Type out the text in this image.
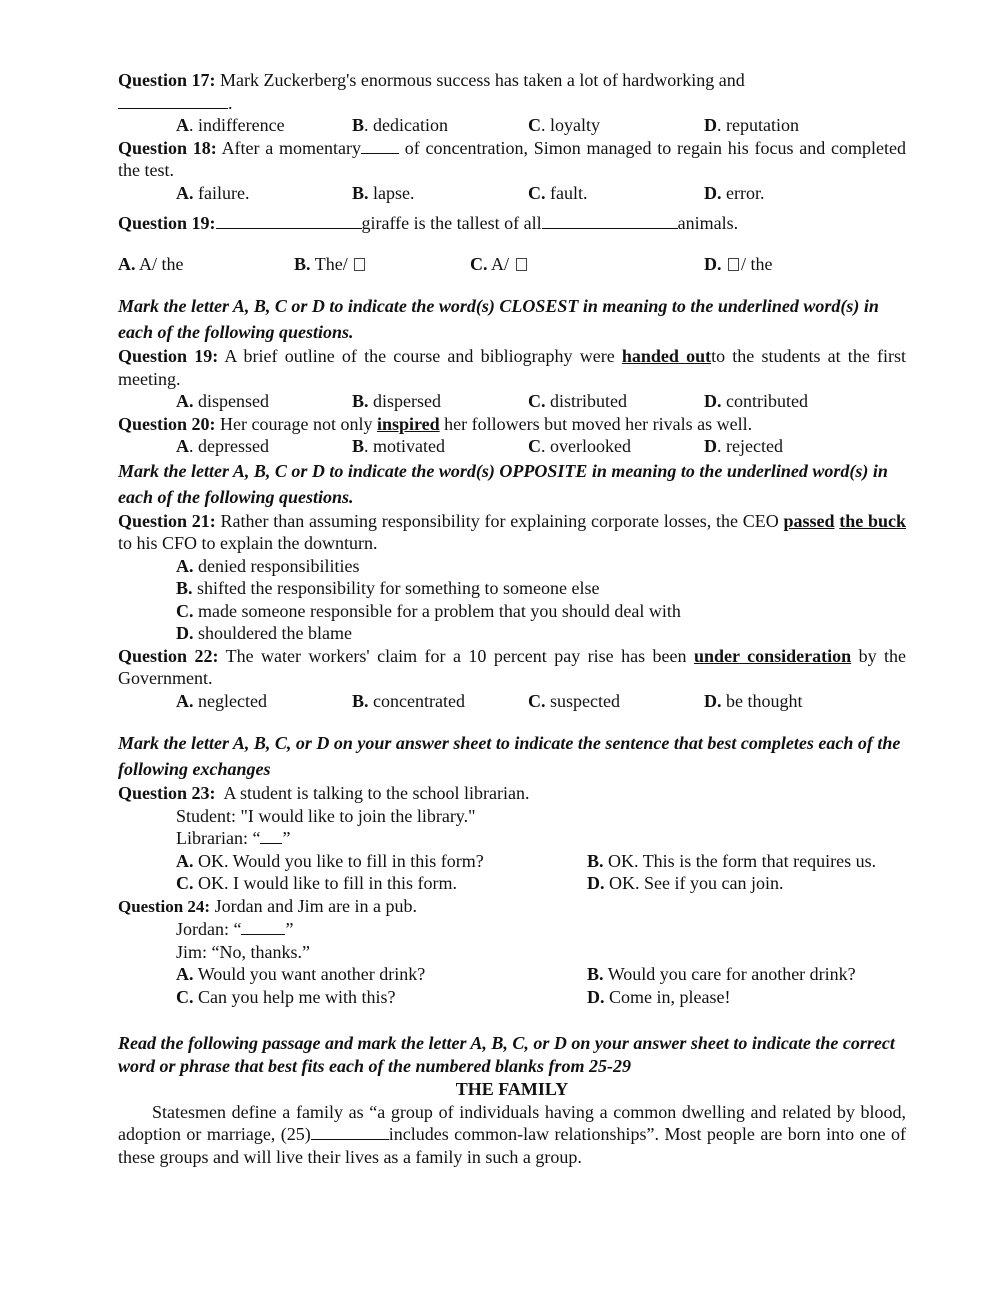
Question 17: Mark Zuckerberg's enormous success has taken a lot of hardworking and
.

A. indifference	B. dedication	C. loyalty	D. reputation

Question 18: After a momentary of concentration, Simon managed to regain his focus and completed the test.

A. failure.	B. lapse.	C. fault.	D. error.

Question 19:	giraffe is the tallest of all	animals.

A. A/ the	B. The/	C. A/	D. / the

Mark the letter A, B, C or D to indicate the word(s) CLOSEST in meaning to the underlined word(s) in each of the following questions.

Question 19: A brief outline of the course and bibliography were handed outto the students at the first meeting.

A. dispensed	B. dispersed	C. distributed	D. contributed

Question 20: Her courage not only inspired her followers but moved her rivals as well.

A. depressed	B. motivated	C. overlooked	D. rejected

Mark the letter A, B, C or D to indicate the word(s) OPPOSITE in meaning to the underlined word(s) in each of the following questions.

Question 21: Rather than assuming responsibility for explaining corporate losses, the CEO passed the buck to his CFO to explain the downturn.

A. denied responsibilities
B. shifted the responsibility for something to someone else
C. made someone responsible for a problem that you should deal with
D. shouldered the blame

Question 22: The water workers' claim for a 10 percent pay rise has been under consideration by the Government.

A. neglected	B. concentrated	C. suspected	D. be thought

Mark the letter A, B, C, or D on your answer sheet to indicate the sentence that best completes each of the following exchanges

Question 23: A student is talking to the school librarian.

Student: "I would like to join the library."
Librarian: “ ”
A. OK. Would you like to fill in this form?	B. OK. This is the form that requires us.
C. OK. I would like to fill in this form.	D. OK. See if you can join.

Question 24: Jordan and Jim are in a pub.

Jordan: “ ”
Jim: “No, thanks.”
A. Would you want another drink?	B. Would you care for another drink?
C. Can you help me with this?	D. Come in, please!

Read the following passage and mark the letter A, B, C, or D on your answer sheet to indicate the correct word or phrase that best fits each of the numbered blanks from 25-29

THE FAMILY

Statesmen define a family as “a group of individuals having a common dwelling and related by blood, adoption or marriage, (25)	includes common-law relationships”. Most people are born into one of these groups and will live their lives as a family in such a group.
